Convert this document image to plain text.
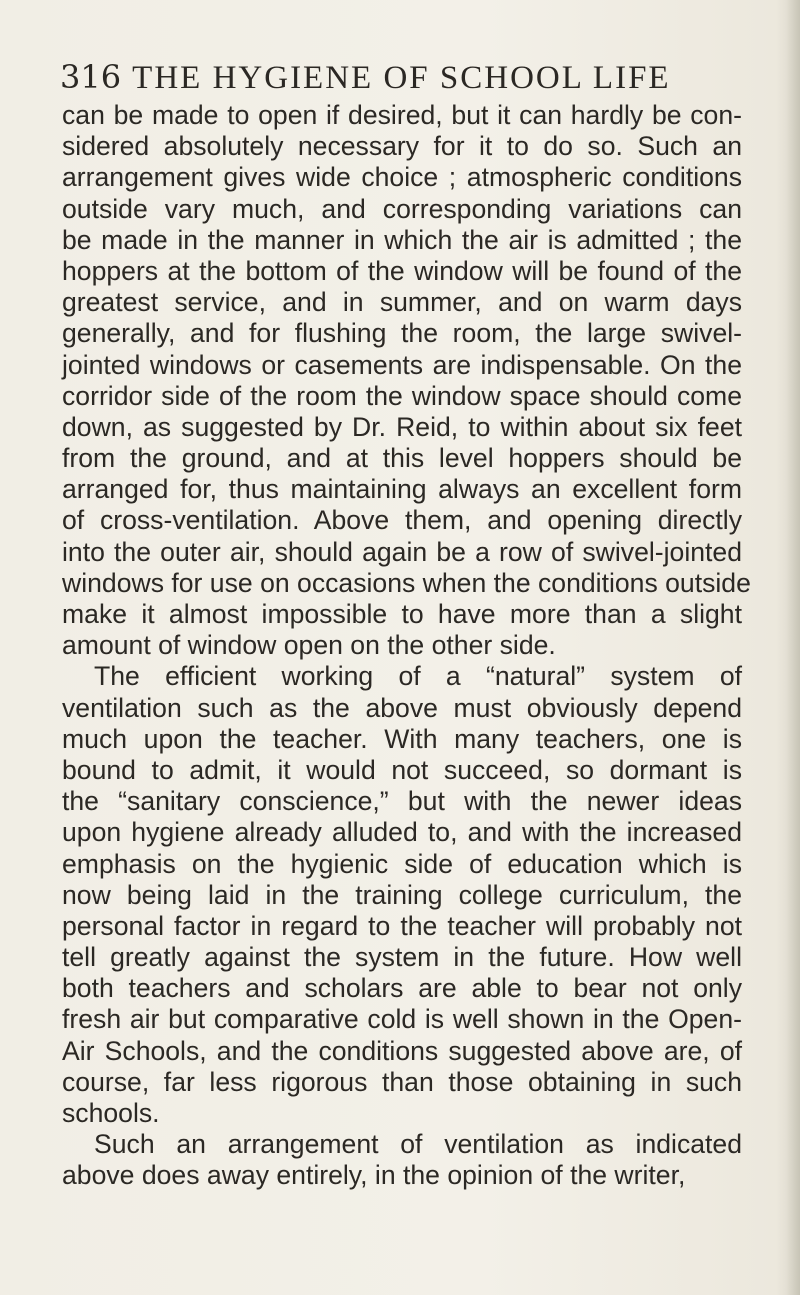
316 THE HYGIENE OF SCHOOL LIFE
can be made to open if desired, but it can hardly be con-
sidered absolutely necessary for it to do so. Such an
arrangement gives wide choice ; atmospheric conditions
outside vary much, and corresponding variations can
be made in the manner in which the air is admitted ; the
hoppers at the bottom of the window will be found of the
greatest service, and in summer, and on warm days
generally, and for flushing the room, the large swivel-
jointed windows or casements are indispensable. On the
corridor side of the room the window space should come
down, as suggested by Dr. Reid, to within about six feet
from the ground, and at this level hoppers should be
arranged for, thus maintaining always an excellent form
of cross-ventilation. Above them, and opening directly
into the outer air, should again be a row of swivel-jointed
windows for use on occasions when the conditions outside
make it almost impossible to have more than a slight
amount of window open on the other side.
The efficient working of a “natural” system of
ventilation such as the above must obviously depend
much upon the teacher. With many teachers, one is
bound to admit, it would not succeed, so dormant is
the “sanitary conscience,” but with the newer ideas
upon hygiene already alluded to, and with the increased
emphasis on the hygienic side of education which is
now being laid in the training college curriculum, the
personal factor in regard to the teacher will probably not
tell greatly against the system in the future. How well
both teachers and scholars are able to bear not only
fresh air but comparative cold is well shown in the Open-
Air Schools, and the conditions suggested above are, of
course, far less rigorous than those obtaining in such
schools.
Such an arrangement of ventilation as indicated
above does away entirely, in the opinion of the writer,
